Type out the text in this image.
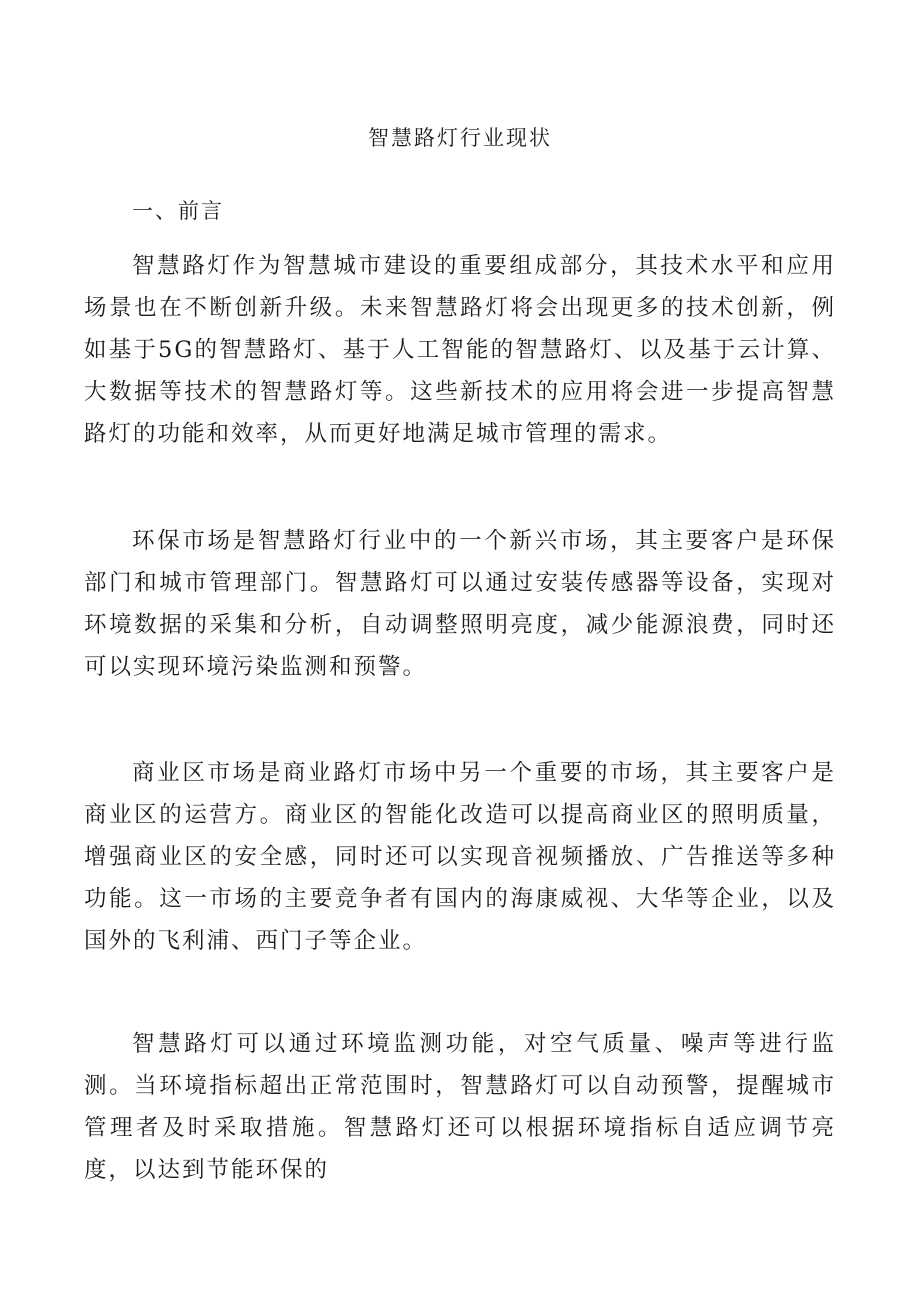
智慧路灯行业现状
一、前言

智慧路灯作为智慧城市建设的重要组成部分，其技术水平和应用场景也在不断创新升级。未来智慧路灯将会出现更多的技术创新，例如基于5G的智慧路灯、基于人工智能的智慧路灯、以及基于云计算、大数据等技术的智慧路灯等。这些新技术的应用将会进一步提高智慧路灯的功能和效率，从而更好地满足城市管理的需求。

环保市场是智慧路灯行业中的一个新兴市场，其主要客户是环保部门和城市管理部门。智慧路灯可以通过安装传感器等设备，实现对环境数据的采集和分析，自动调整照明亮度，减少能源浪费，同时还可以实现环境污染监测和预警。

商业区市场是商业路灯市场中另一个重要的市场，其主要客户是商业区的运营方。商业区的智能化改造可以提高商业区的照明质量，增强商业区的安全感，同时还可以实现音视频播放、广告推送等多种功能。这一市场的主要竞争者有国内的海康威视、大华等企业，以及国外的飞利浦、西门子等企业。

智慧路灯可以通过环境监测功能，对空气质量、噪声等进行监测。当环境指标超出正常范围时，智慧路灯可以自动预警，提醒城市管理者及时采取措施。智慧路灯还可以根据环境指标自适应调节亮度，以达到节能环保的
